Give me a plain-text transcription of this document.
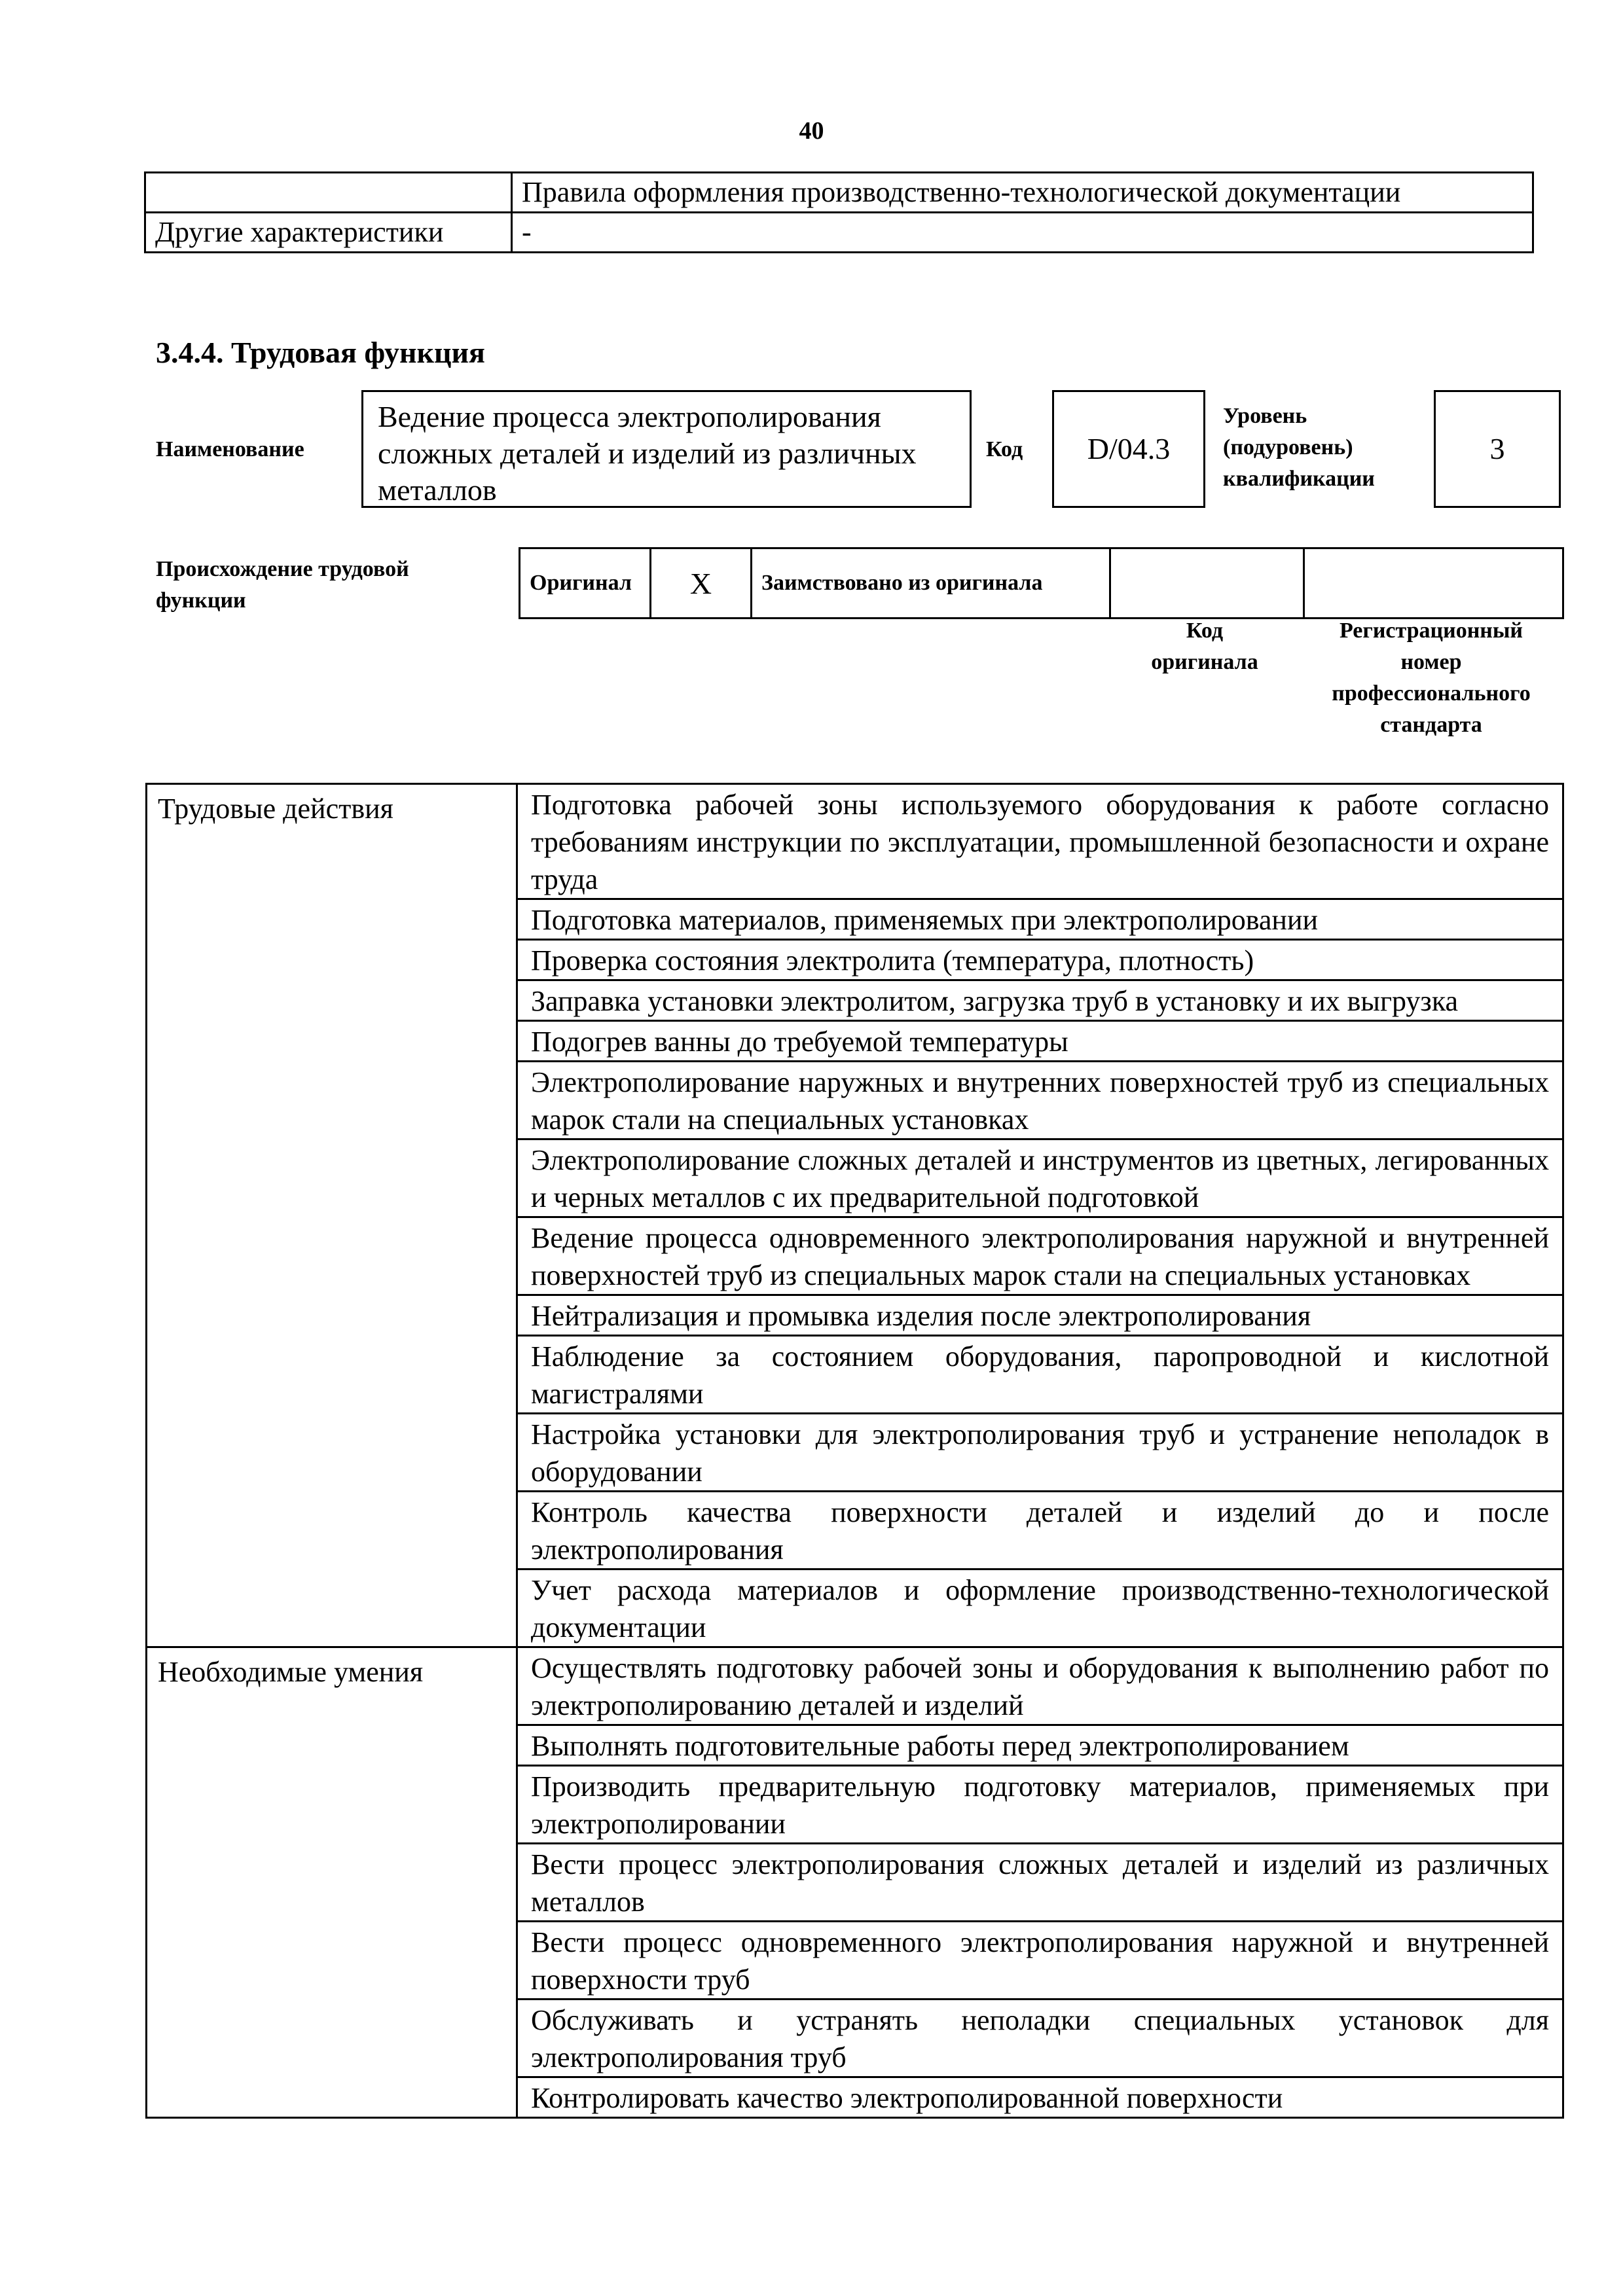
40
	Правила оформления производственно-технологической документации
Другие характеристики	-
3.4.4. Трудовая функция
Наименование
Ведение процесса электрополирования сложных деталей и изделий из различных металлов
Код	D/04.3
Уровень
(подуровень)
квалификации
3
Происхождение трудовой
функции
Оригинал	X	Заимствовано из оригинала		
Код
оригинала
Регистрационный
номер
профессионального
стандарта
Трудовые действия	Подготовка рабочей зоны используемого оборудования к работе согласно требованиям инструкции по эксплуатации, промышленной безопасности и охране труда
	Подготовка материалов, применяемых при электрополировании
	Проверка состояния электролита (температура, плотность)
	Заправка установки электролитом, загрузка труб в установку и их выгрузка
	Подогрев ванны до требуемой температуры
	Электрополирование наружных и внутренних поверхностей труб из специальных марок стали на специальных установках
	Электрополирование сложных деталей и инструментов из цветных, легированных и черных металлов с их предварительной подготовкой
	Ведение процесса одновременного электрополирования наружной и внутренней поверхностей труб из специальных марок стали на специальных установках
	Нейтрализация и промывка изделия после электрополирования
	Наблюдение за состоянием оборудования, паропроводной и кислотной магистралями
	Настройка установки для электрополирования труб и устранение неполадок в оборудовании
	Контроль качества поверхности деталей и изделий до и после электрополирования
	Учет расхода материалов и оформление производственно-технологической документации
Необходимые умения	Осуществлять подготовку рабочей зоны и оборудования к выполнению работ по электрополированию деталей и изделий
	Выполнять подготовительные работы перед электрополированием
	Производить предварительную подготовку материалов, применяемых при электрополировании
	Вести процесс электрополирования сложных деталей и изделий из различных металлов
	Вести процесс одновременного электрополирования наружной и внутренней поверхности труб
	Обслуживать и устранять неполадки специальных установок для электрополирования труб
	Контролировать качество электрополированной поверхности
